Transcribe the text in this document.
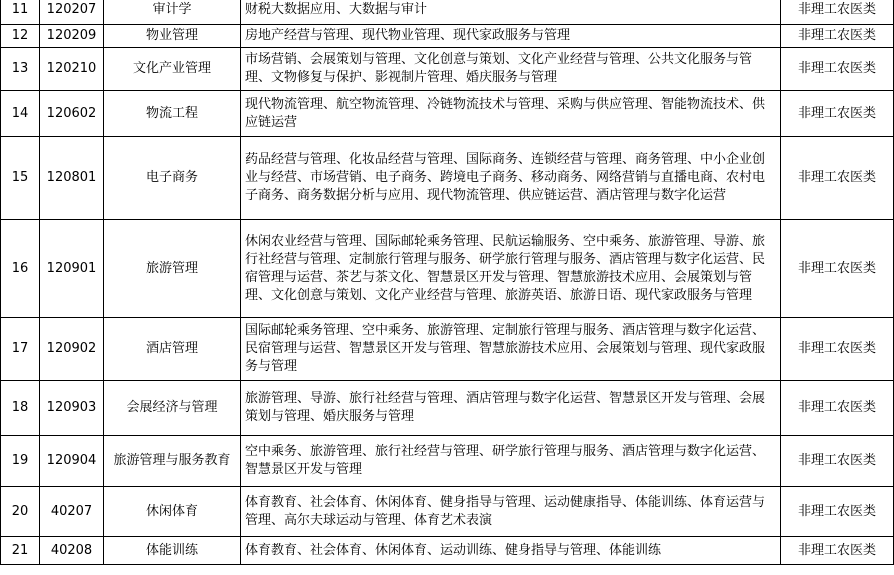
11	120207	审计学	财税大数据应用、大数据与审计	非理工农医类
12	120209	物业管理	房地产经营与管理、现代物业管理、现代家政服务与管理	非理工农医类
13	120210	文化产业管理	市场营销、会展策划与管理、文化创意与策划、文化产业经营与管理、公共文化服务与管理、文物修复与保护、影视制片管理、婚庆服务与管理	非理工农医类
14	120602	物流工程	现代物流管理、航空物流管理、冷链物流技术与管理、采购与供应管理、智能物流技术、供应链运营	非理工农医类
15	120801	电子商务	药品经营与管理、化妆品经营与管理、国际商务、连锁经营与管理、商务管理、中小企业创业与经营、市场营销、电子商务、跨境电子商务、移动商务、网络营销与直播电商、农村电子商务、商务数据分析与应用、现代物流管理、供应链运营、酒店管理与数字化运营	非理工农医类
16	120901	旅游管理	休闲农业经营与管理、国际邮轮乘务管理、民航运输服务、空中乘务、旅游管理、导游、旅行社经营与管理、定制旅行管理与服务、研学旅行管理与服务、酒店管理与数字化运营、民宿管理与运营、茶艺与茶文化、智慧景区开发与管理、智慧旅游技术应用、会展策划与管理、文化创意与策划、文化产业经营与管理、旅游英语、旅游日语、现代家政服务与管理	非理工农医类
17	120902	酒店管理	国际邮轮乘务管理、空中乘务、旅游管理、定制旅行管理与服务、酒店管理与数字化运营、民宿管理与运营、智慧景区开发与管理、智慧旅游技术应用、会展策划与管理、现代家政服务与管理	非理工农医类
18	120903	会展经济与管理	旅游管理、导游、旅行社经营与管理、酒店管理与数字化运营、智慧景区开发与管理、会展策划与管理、婚庆服务与管理	非理工农医类
19	120904	旅游管理与服务教育	空中乘务、旅游管理、旅行社经营与管理、研学旅行管理与服务、酒店管理与数字化运营、智慧景区开发与管理	非理工农医类
20	40207	休闲体育	体育教育、社会体育、休闲体育、健身指导与管理、运动健康指导、体能训练、体育运营与管理、高尔夫球运动与管理、体育艺术表演	非理工农医类
21	40208	体能训练	体育教育、社会体育、休闲体育、运动训练、健身指导与管理、体能训练	非理工农医类
